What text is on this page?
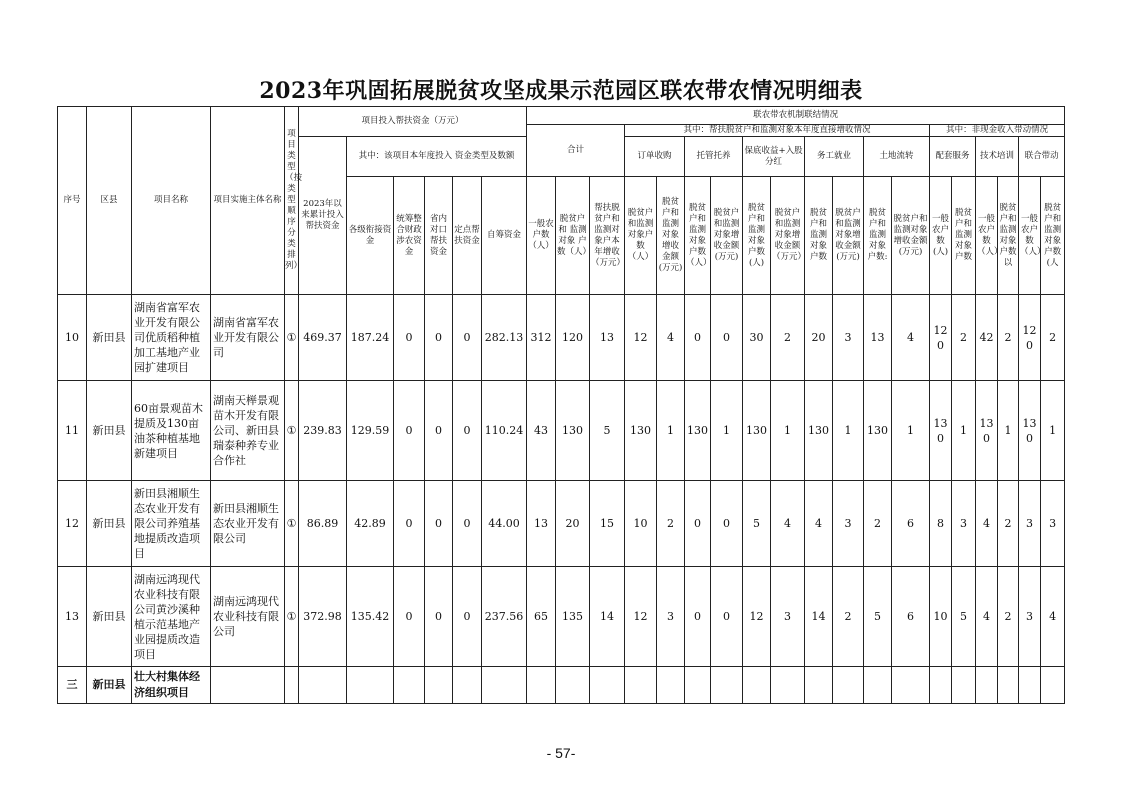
2023年巩固拓展脱贫攻坚成果示范园区联农带农情况明细表
序号	区县	项目名称	项目实施主体名称	项目类型（按类型顺序分类排列）	项目投入帮扶资金（万元）						联农带农机制联结情况																		
											合计			其中：帮扶脱贫户和监测对象本年度直接增收情况										其中：非现金收入带动情况					
					2023年以来累计投入帮扶资金	其中：该项目本年度投入 资金类型及数额								订单收购		托管托养		保底收益+入股分红		务工就业		土地流转		配套服务		技术培训		联合带动	
						各级衔接资金	统筹整合财政涉农资金	省内对口帮扶资金	定点帮扶资金	自筹资金	一般农户数（人）	脱贫户和 监测对象 户数（人）	帮扶脱贫户和监测对象户本年增收（万元）	脱贫户和监测对象户数（人）	脱贫户和监测对象增收金额(万元)	脱贫户和监测对象户数（人）	脱贫户和监测对象增收金额(万元)	脱贫户和监测对象户数(人)	脱贫户和监测对象增收金额（万元）	脱贫户和监测对象户数	脱贫户和监测对象增收金额(万元)	脱贫户和监测对象户数:	脱贫户和 监测对象 增收金额(万元)	一般农户数(人)	脱贫户和监测对象户数	一般农户数（人）	脱贫户和监测对象户数以	一般农户数（人）	脱贫户和监测对象户数(人
10	新田县	湖南省富军农业开发有限公司优质稻种植加工基地产业园扩建项目	湖南省富军农业开发有限公司	①	469.37	187.24	0	0	0	282.13	312	120	13	12	4	0	0	30	2	20	3	13	4	120	2	42	2	120	2
11	新田县	60亩景观苗木提质及130亩油茶种植基地新建项目	湖南天榉景观苗木开发有限公司、新田县瑞泰种养专业合作社	①	239.83	129.59	0	0	0	110.24	43	130	5	130	1	130	1	130	1	130	1	130	1	130	1	130	1	130	1
12	新田县	新田县湘顺生态农业开发有限公司养殖基地提质改造项目	新田县湘顺生态农业开发有限公司	①	86.89	42.89	0	0	0	44.00	13	20	15	10	2	0	0	5	4	4	3	2	6	8	3	4	2	3	3
13	新田县	湖南远鸿现代农业科技有限公司黄沙溪种植示范基地产业园提质改造项目	湖南远鸿现代农业科技有限公司	①	372.98	135.42	0	0	0	237.56	65	135	14	12	3	0	0	12	3	14	2	5	6	10	5	4	2	3	4
三	新田县	壮大村集体经济组织项目																											
- 57-
